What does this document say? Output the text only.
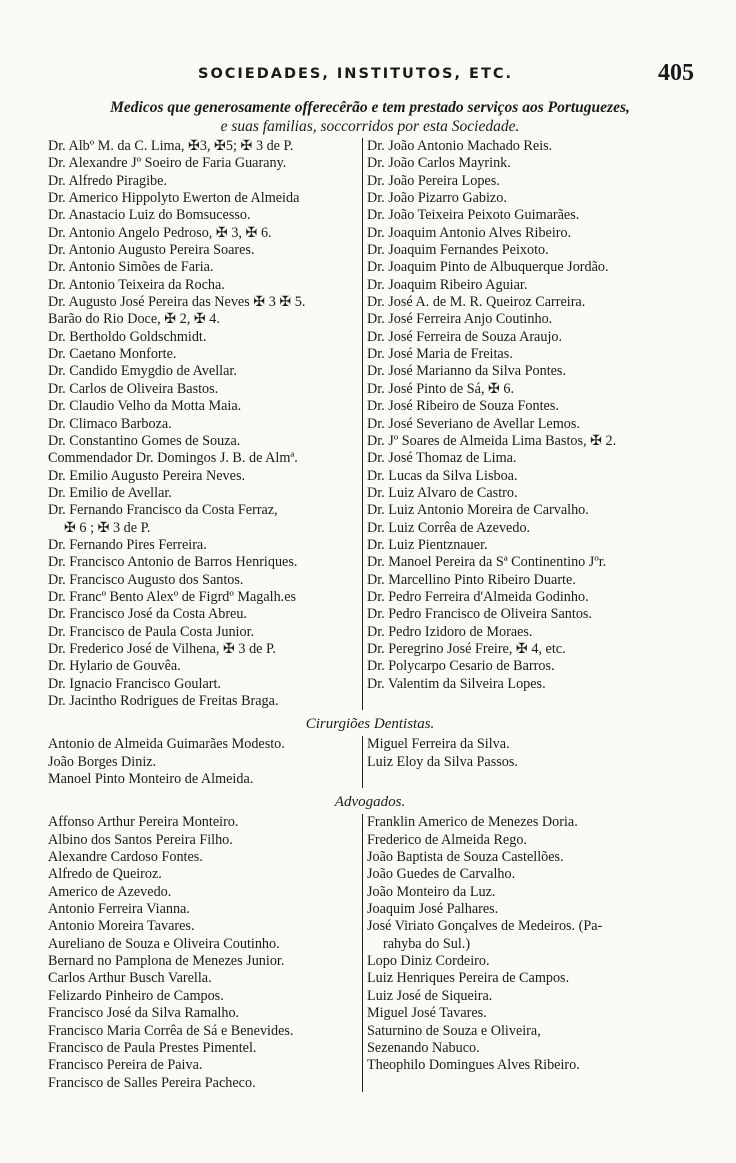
SOCIEDADES, INSTITUTOS, ETC.	405
Medicos que generosamente offerecêrão e tem prestado serviços aos Portuguezes,
e suas familias, soccorridos por esta Sociedade.
Dr. Albº M. da C. Lima, ✠3, ✠5; ✠ 3 de P.
Dr. Alexandre Jº Soeiro de Faria Guarany.
Dr. Alfredo Piragibe.
Dr. Americo Hippolyto Ewerton de Almeida
Dr. Anastacio Luiz do Bomsucesso.
Dr. Antonio Angelo Pedroso, ✠ 3, ✠ 6.
Dr. Antonio Augusto Pereira Soares.
Dr. Antonio Simões de Faria.
Dr. Antonio Teixeira da Rocha.
Dr. Augusto José Pereira das Neves ✠ 3 ✠ 5.
Barão do Rio Doce, ✠ 2, ✠ 4.
Dr. Bertholdo Goldschmidt.
Dr. Caetano Monforte.
Dr. Candido Emygdio de Avellar.
Dr. Carlos de Oliveira Bastos.
Dr. Claudio Velho da Motta Maia.
Dr. Climaco Barboza.
Dr. Constantino Gomes de Souza.
Commendador Dr. Domingos J. B. de Almª.
Dr. Emilio Augusto Pereira Neves.
Dr. Emilio de Avellar.
Dr. Fernando Francisco da Costa Ferraz,
✠ 6 ; ✠ 3 de P.
Dr. Fernando Pires Ferreira.
Dr. Francisco Antonio de Barros Henriques.
Dr. Francisco Augusto dos Santos.
Dr. Francº Bento Alexº de Figrdº Magalh.es
Dr. Francisco José da Costa Abreu.
Dr. Francisco de Paula Costa Junior.
Dr. Frederico José de Vilhena, ✠ 3 de P.
Dr. Hylario de Gouvêa.
Dr. Ignacio Francisco Goulart.
Dr. Jacintho Rodrigues de Freitas Braga.
Dr. João Antonio Machado Reis.
Dr. João Carlos Mayrink.
Dr. João Pereira Lopes.
Dr. João Pizarro Gabizo.
Dr. João Teixeira Peixoto Guimarães.
Dr. Joaquim Antonio Alves Ribeiro.
Dr. Joaquim Fernandes Peixoto.
Dr. Joaquim Pinto de Albuquerque Jordão.
Dr. Joaquim Ribeiro Aguiar.
Dr. José A. de M. R. Queiroz Carreira.
Dr. José Ferreira Anjo Coutinho.
Dr. José Ferreira de Souza Araujo.
Dr. José Maria de Freitas.
Dr. José Marianno da Silva Pontes.
Dr. José Pinto de Sá, ✠ 6.
Dr. José Ribeiro de Souza Fontes.
Dr. José Severiano de Avellar Lemos.
Dr. Jº Soares de Almeida Lima Bastos, ✠ 2.
Dr. José Thomaz de Lima.
Dr. Lucas da Silva Lisboa.
Dr. Luiz Alvaro de Castro.
Dr. Luiz Antonio Moreira de Carvalho.
Dr. Luiz Corrêa de Azevedo.
Dr. Luiz Pientznauer.
Dr. Manoel Pereira da Sª Continentino Jºr.
Dr. Marcellino Pinto Ribeiro Duarte.
Dr. Pedro Ferreira d'Almeida Godinho.
Dr. Pedro Francisco de Oliveira Santos.
Dr. Pedro Izidoro de Moraes.
Dr. Peregrino José Freire, ✠ 4, etc.
Dr. Polycarpo Cesario de Barros.
Dr. Valentim da Silveira Lopes.
Cirurgiões Dentistas.
Antonio de Almeida Guimarães Modesto.
João Borges Diniz.
Manoel Pinto Monteiro de Almeida.
Miguel Ferreira da Silva.
Luiz Eloy da Silva Passos.
Advogados.
Affonso Arthur Pereira Monteiro.
Albino dos Santos Pereira Filho.
Alexandre Cardoso Fontes.
Alfredo de Queiroz.
Americo de Azevedo.
Antonio Ferreira Vianna.
Antonio Moreira Tavares.
Aureliano de Souza e Oliveira Coutinho.
Bernard no Pamplona de Menezes Junior.
Carlos Arthur Busch Varella.
Felizardo Pinheiro de Campos.
Francisco José da Silva Ramalho.
Francisco Maria Corrêa de Sá e Benevides.
Francisco de Paula Prestes Pimentel.
Francisco Pereira de Paiva.
Francisco de Salles Pereira Pacheco.
Franklin Americo de Menezes Doria.
Frederico de Almeida Rego.
João Baptista de Souza Castellões.
João Guedes de Carvalho.
João Monteiro da Luz.
Joaquim José Palhares.
José Viriato Gonçalves de Medeiros. (Pa-
rahyba do Sul.)
Lopo Diniz Cordeiro.
Luiz Henriques Pereira de Campos.
Luiz José de Siqueira.
Miguel José Tavares.
Saturnino de Souza e Oliveira,
Sezenando Nabuco.
Theophilo Domingues Alves Ribeiro.
